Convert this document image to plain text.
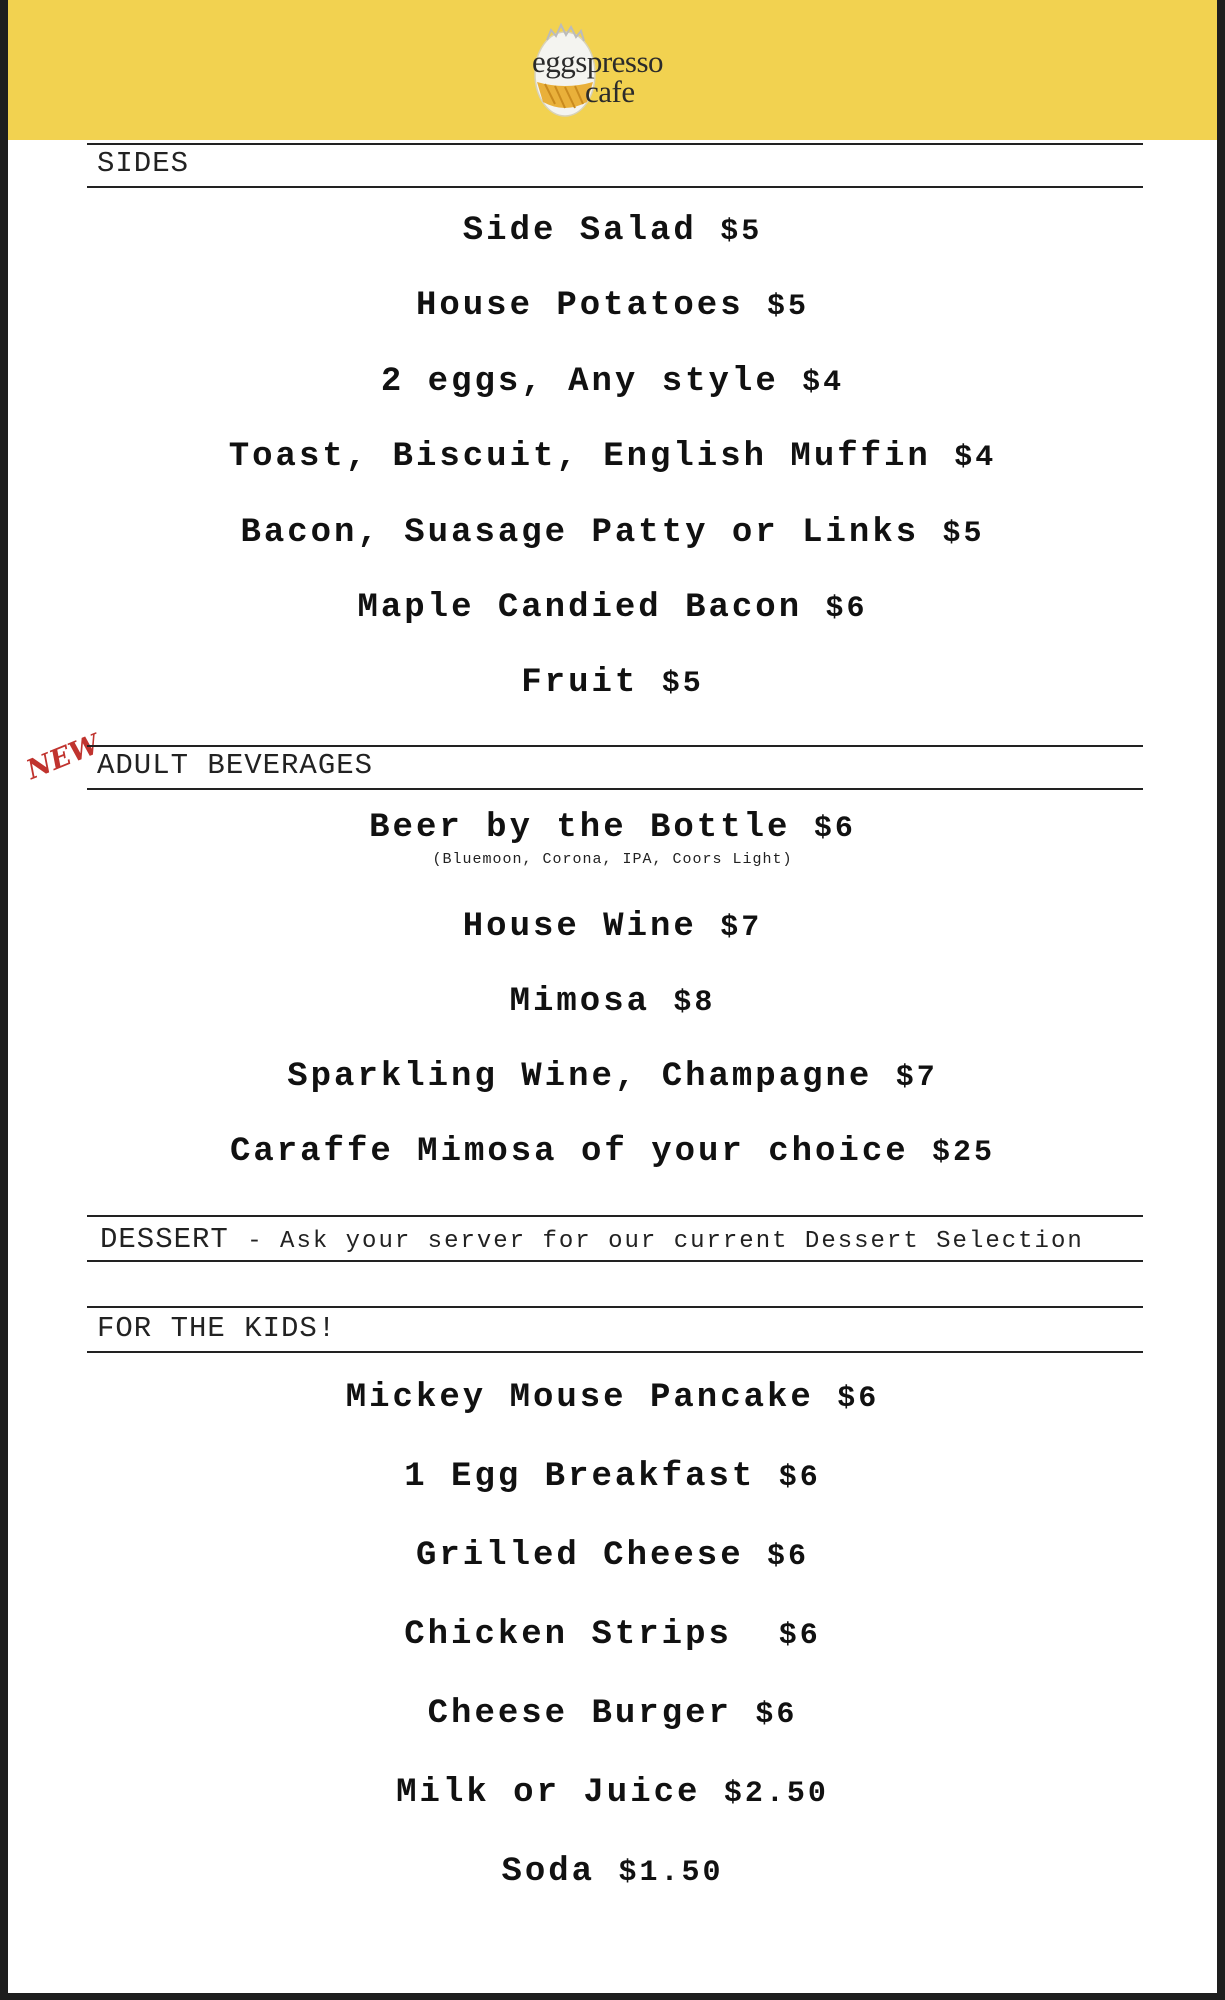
eggspresso
cafe
SIDES
Side Salad $5
House Potatoes $5
2 eggs, Any style $4
Toast, Biscuit, English Muffin $4
Bacon, Suasage Patty or Links $5
Maple Candied Bacon $6
Fruit $5
NEW
ADULT BEVERAGES
Beer by the Bottle $6
(Bluemoon, Corona, IPA, Coors Light)
House Wine $7
Mimosa $8
Sparkling Wine, Champagne $7
Caraffe Mimosa of your choice $25
DESSERT - Ask your server for our current Dessert Selection
FOR THE KIDS!
Mickey Mouse Pancake $6
1 Egg Breakfast $6
Grilled Cheese $6
Chicken Strips $6
Cheese Burger $6
Milk or Juice $2.50
Soda $1.50
